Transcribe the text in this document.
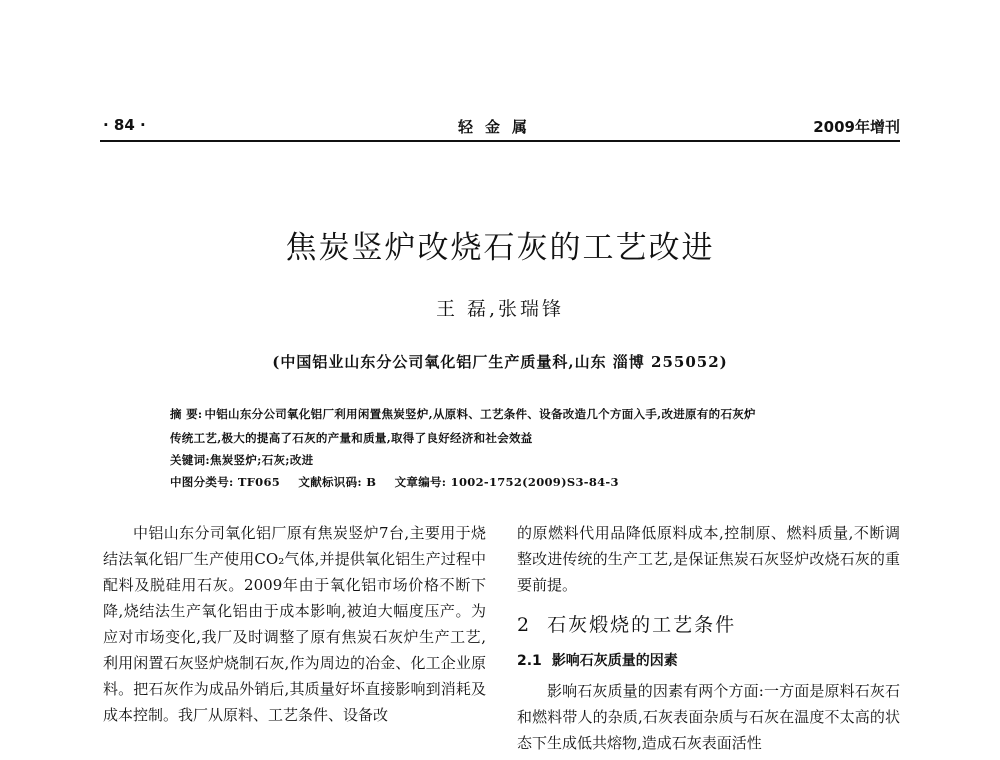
· 84 ·	轻金属	2009年增刊
焦炭竖炉改烧石灰的工艺改进
王 磊,张瑞锋
(中国铝业山东分公司氧化铝厂生产质量科,山东 淄博 255052)
摘 要: 中铝山东分公司氧化铝厂利用闲置焦炭竖炉,从原料、工艺条件、设备改造几个方面入手,改进原有的石灰炉
传统工艺,极大的提高了石灰的产量和质量,取得了良好经济和社会效益
关键词:焦炭竖炉;石灰;改进
中图分类号: TF065 文献标识码: B 文章编号: 1002-1752(2009)S3-84-3

中铝山东分司氧化铝厂原有焦炭竖炉7台,主要用于烧结法氧化铝厂生产使用CO₂气体,并提供氧化铝生产过程中配料及脱硅用石灰。2009年由于氧化铝市场价格不断下降,烧结法生产氧化铝由于成本影响,被迫大幅度压产。为应对市场变化,我厂及时调整了原有焦炭石灰炉生产工艺,利用闲置石灰竖炉烧制石灰,作为周边的冶金、化工企业原料。把石灰作为成品外销后,其质量好坏直接影响到消耗及成本控制。我厂从原料、工艺条件、设备改

的原燃料代用品降低原料成本,控制原、燃料质量,不断调整改进传统的生产工艺,是保证焦炭石灰竖炉改烧石灰的重要前提。

2 石灰煅烧的工艺条件
2.1 影响石灰质量的因素

影响石灰质量的因素有两个方面:一方面是原料石灰石和燃料带人的杂质,石灰表面杂质与石灰在温度不太高的状态下生成低共熔物,造成石灰表面活性
